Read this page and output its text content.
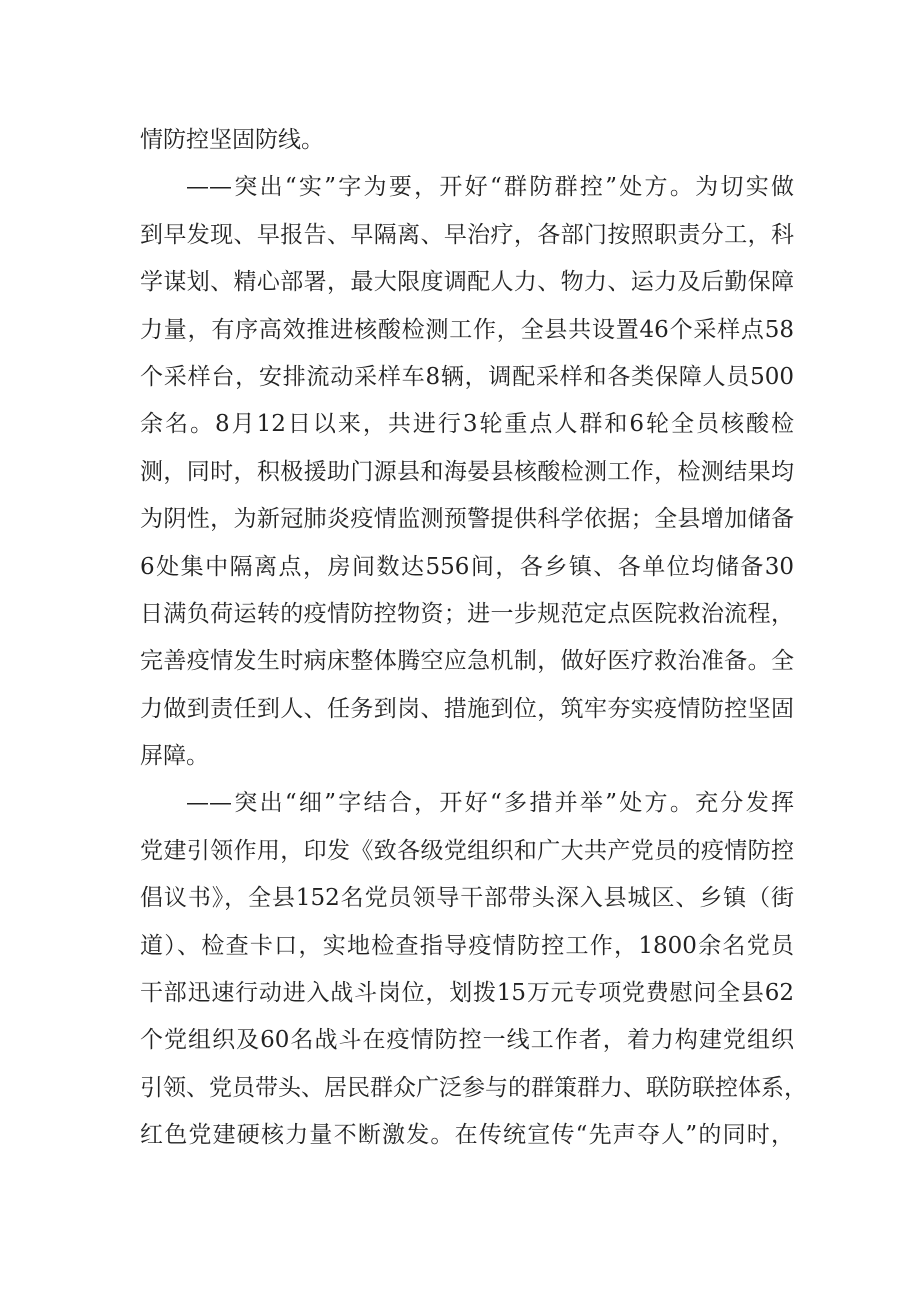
情防控坚固防线。
——突出“实”字为要，开好“群防群控”处方。为切实做
到早发现、早报告、早隔离、早治疗，各部门按照职责分工，科
学谋划、精心部署，最大限度调配人力、物力、运力及后勤保障
力量，有序高效推进核酸检测工作，全县共设置46个采样点58
个采样台，安排流动采样车8辆，调配采样和各类保障人员500
余名。8月12日以来，共进行3轮重点人群和6轮全员核酸检
测，同时，积极援助门源县和海晏县核酸检测工作，检测结果均
为阴性，为新冠肺炎疫情监测预警提供科学依据；全县增加储备
6处集中隔离点，房间数达556间，各乡镇、各单位均储备30
日满负荷运转的疫情防控物资；进一步规范定点医院救治流程，
完善疫情发生时病床整体腾空应急机制，做好医疗救治准备。全
力做到责任到人、任务到岗、措施到位，筑牢夯实疫情防控坚固
屏障。
——突出“细”字结合，开好“多措并举”处方。充分发挥
党建引领作用，印发《致各级党组织和广大共产党员的疫情防控
倡议书》，全县152名党员领导干部带头深入县城区、乡镇（街
道）、检查卡口，实地检查指导疫情防控工作，1800余名党员
干部迅速行动进入战斗岗位，划拨15万元专项党费慰问全县62
个党组织及60名战斗在疫情防控一线工作者，着力构建党组织
引领、党员带头、居民群众广泛参与的群策群力、联防联控体系，
红色党建硬核力量不断激发。在传统宣传“先声夺人”的同时，
